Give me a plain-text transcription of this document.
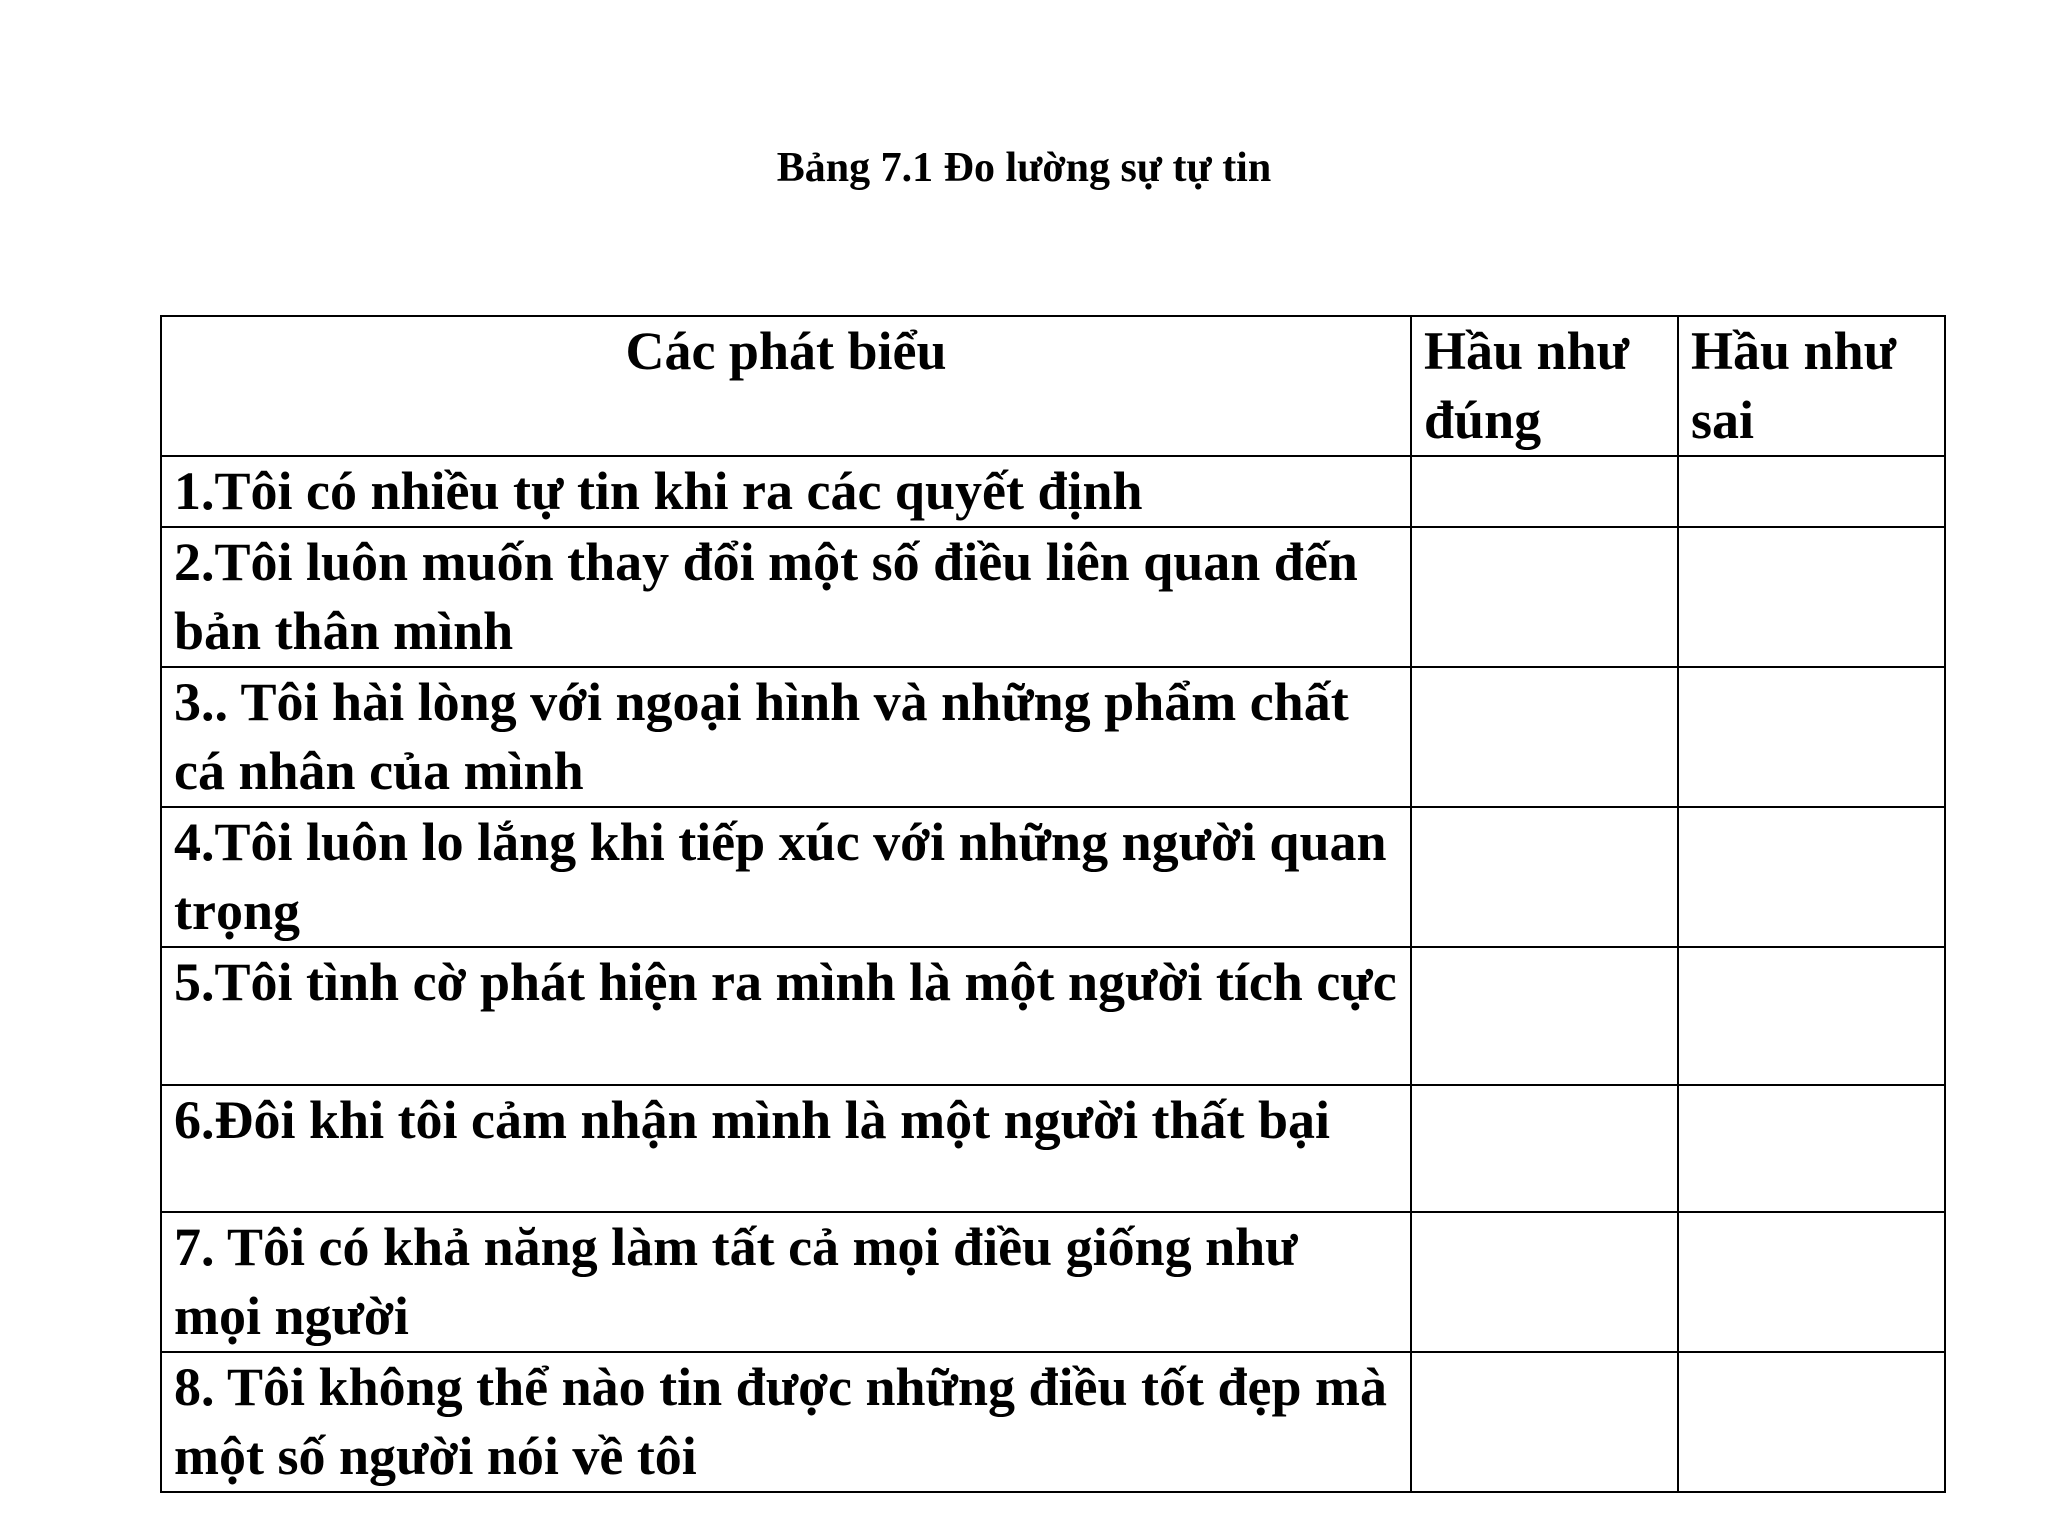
Bảng 7.1 Đo lường sự tự tin
Các phát biểu	Hầu như đúng	Hầu như sai
1.Tôi có nhiều tự tin khi ra các quyết định		
2.Tôi luôn muốn thay đổi một số điều liên quan đến bản thân mình		
3.. Tôi hài lòng với ngoại hình và những phẩm chất cá nhân của mình		
4.Tôi luôn lo lắng khi tiếp xúc với những người quan trọng		
5.Tôi tình cờ phát hiện ra mình là một người tích cực		
6.Đôi khi tôi cảm nhận mình là một người thất bại		
7. Tôi có khả năng làm tất cả mọi điều giống như mọi người		
8. Tôi không thể nào tin được những điều tốt đẹp mà một số người nói về tôi		
